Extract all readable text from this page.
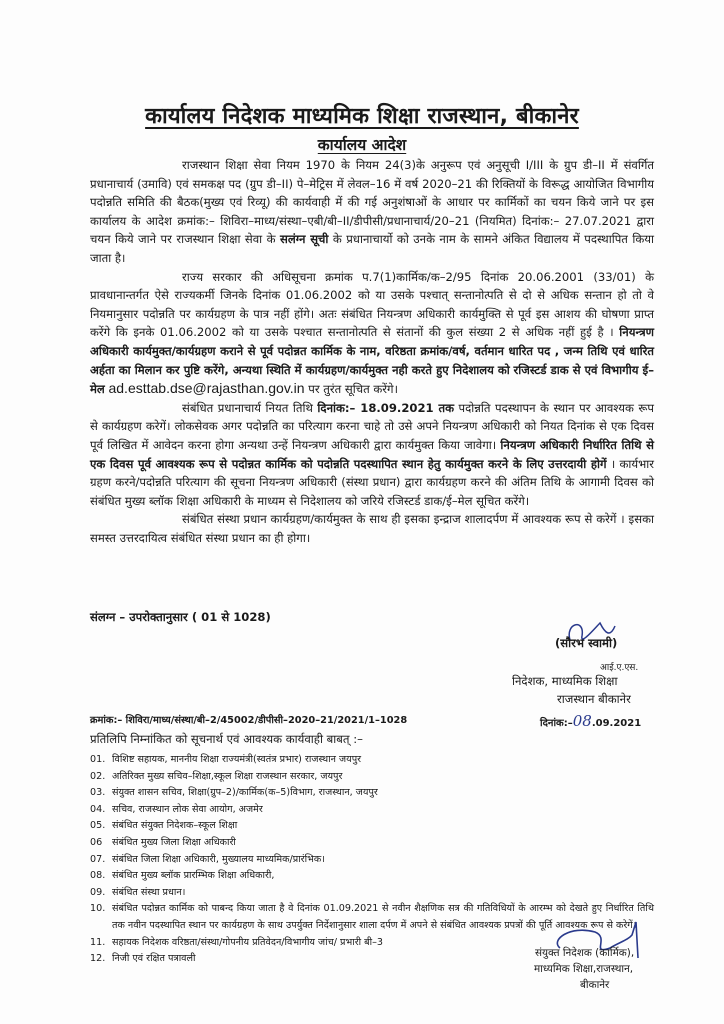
कार्यालय निदेशक माध्यमिक शिक्षा राजस्थान, बीकानेर
कार्यालय आदेश

राजस्थान शिक्षा सेवा नियम 1970 के नियम 24(3)के अनुरूप एवं अनुसूची I/III के ग्रुप डी–II में संवर्गित प्रधानाचार्य (उमावि) एवं समकक्ष पद (ग्रुप डी–II) पे–मेट्रिस में लेवल–16 में वर्ष 2020–21 की रिक्तियों के विरूद्ध आयोजित विभागीय पदोन्नति समिति की बैठक(मुख्य एवं रिव्यू) की कार्यवाही में की गई अनुशंषाओं के आधार पर कार्मिकों का चयन किये जाने पर इस कार्यालय के आदेश क्रमांक:– शिविरा–माध्य/संस्था–एबी/बी–II/डीपीसी/प्रधानाचार्य/20–21 (नियमित) दिनांक:– 27.07.2021 द्वारा चयन किये जाने पर राजस्थान शिक्षा सेवा के सलंग्न सूची के प्रधानाचार्यो को उनके नाम के सामने अंकित विद्यालय में पदस्थापित किया जाता है।

राज्य सरकार की अधिसूचना क्रमांक प.7(1)कार्मिक/क–2/95 दिनांक 20.06.2001 (33/01) के प्रावधानान्तर्गत ऐसे राज्यकर्मी जिनके दिनांक 01.06.2002 को या उसके पश्चात् सन्तानोत्पति से दो से अधिक सन्तान हो तो वे नियमानुसार पदोन्नति पर कार्यग्रहण के पात्र नहीं होंगे। अतः संबंधित नियन्त्रण अधिकारी कार्यमुक्ति से पूर्व इस आशय की घोषणा प्राप्त करेंगे कि इनके 01.06.2002 को या उसके पश्चात सन्तानोत्पति से संतानों की कुल संख्या 2 से अधिक नहीं हुई है । नियन्त्रण अधिकारी कार्यमुक्त/कार्यग्रहण कराने से पूर्व पदोन्नत कार्मिक के नाम, वरिष्ठता क्रमांक/वर्ष, वर्तमान धारित पद , जन्म तिथि एवं धारित अर्हता का मिलान कर पुष्टि करेंगे, अन्यथा स्थिति में कार्यग्रहण/कार्यमुक्त नही करते हुए निदेशालय को रजिस्टर्ड डाक से एवं विभागीय ई–मेल ad.esttab.dse@rajasthan.gov.in पर तुरंत सूचित करेंगे।

संबंधित प्रधानाचार्य नियत तिथि दिनांक:– 18.09.2021 तक पदोन्नति पदस्थापन के स्थान पर आवश्यक रूप से कार्यग्रहण करेगें। लोकसेवक अगर पदोन्नति का परित्याग करना चाहे तो उसे अपने नियन्त्रण अधिकारी को नियत दिनांक से एक दिवस पूर्व लिखित में आवेदन करना होगा अन्यथा उन्हें नियन्त्रण अधिकारी द्वारा कार्यमुक्त किया जावेगा। नियन्त्रण अधिकारी निर्धारित तिथि से एक दिवस पूर्व आवश्यक रूप से पदोन्नत कार्मिक को पदोन्नति पदस्थापित स्थान हेतु कार्यमुक्त करने के लिए उत्तरदायी होगें । कार्यभार ग्रहण करने/पदोन्नति परित्याग की सूचना नियन्त्रण अधिकारी (संस्था प्रधान) द्वारा कार्यग्रहण करने की अंतिम तिथि के आगामी दिवस को संबंधित मुख्य ब्लॉक शिक्षा अधिकारी के माध्यम से निदेशालय को जरिये रजिस्टर्ड डाक/ई–मेल सूचित करेंगे।

संबंधित संस्था प्रधान कार्यग्रहण/कार्यमुक्त के साथ ही इसका इन्द्राज शालादर्पण में आवश्यक रूप से करेगें । इसका समस्त उत्तरदायित्व संबंधित संस्था प्रधान का ही होगा।

संलग्न – उपरोक्तानुसार ( 01 से 1028)
(सौरभ स्वामी)
आई.ए.एस.
निदेशक, माध्यमिक शिक्षा
राजस्थान बीकानेर
क्रमांक:– शिविरा/माध्य/संस्था/बी–2/45002/डीपीसी–2020–21/2021/1–1028	दिनांक:–08.09.2021
प्रतिलिपि निम्नांकित को सूचनार्थ एवं आवश्यक कार्यवाही बाबत् :–
01. विशिष्ट सहायक, माननीय शिक्षा राज्यमंत्री(स्वतंत्र प्रभार) राजस्थान जयपुर
02. अतिरिक्त मुख्य सचिव–शिक्षा,स्कूल शिक्षा राजस्थान सरकार, जयपुर
03. संयुक्त शासन सचिव, शिक्षा(ग्रुप–2)/कार्मिक(क–5)विभाग, राजस्थान, जयपुर
04. सचिव, राजस्थान लोक सेवा आयोग, अजमेर
05. संबंधित संयुक्त निदेशक–स्कूल शिक्षा
06	संबंधित मुख्य जिला शिक्षा अधिकारी
07. संबंधित जिला शिक्षा अधिकारी, मुख्यालय माध्यमिक/प्रारंभिक।
08. संबंधित मुख्य ब्लॉक प्रारम्भिक शिक्षा अधिकारी,
09. संबंधित संस्था प्रधान।
10. संबंधित पदोन्नत कार्मिक को पाबन्द किया जाता है वे दिनांक 01.09.2021 से नवीन शैक्षणिक सत्र की गतिविधियों के आरम्भ को देखते हुए निर्धारित तिथि तक नवीन पदस्थापित स्थान पर कार्यग्रहण के साथ उपर्युक्त निर्देशानुसार शाला दर्पण में अपने से संबंधित आवश्यक प्रपत्रों की पूर्ति आवश्यक रूप से करेगें।
11. सहायक निदेशक वरिष्ठता/संस्था/गोपनीय प्रतिवेदन/विभागीय जांच/ प्रभारी बी–3
12. निजी एवं रक्षित पत्रावली	संयुक्त निदेशक (कार्मिक),
माध्यमिक शिक्षा,राजस्थान,
बीकानेर
